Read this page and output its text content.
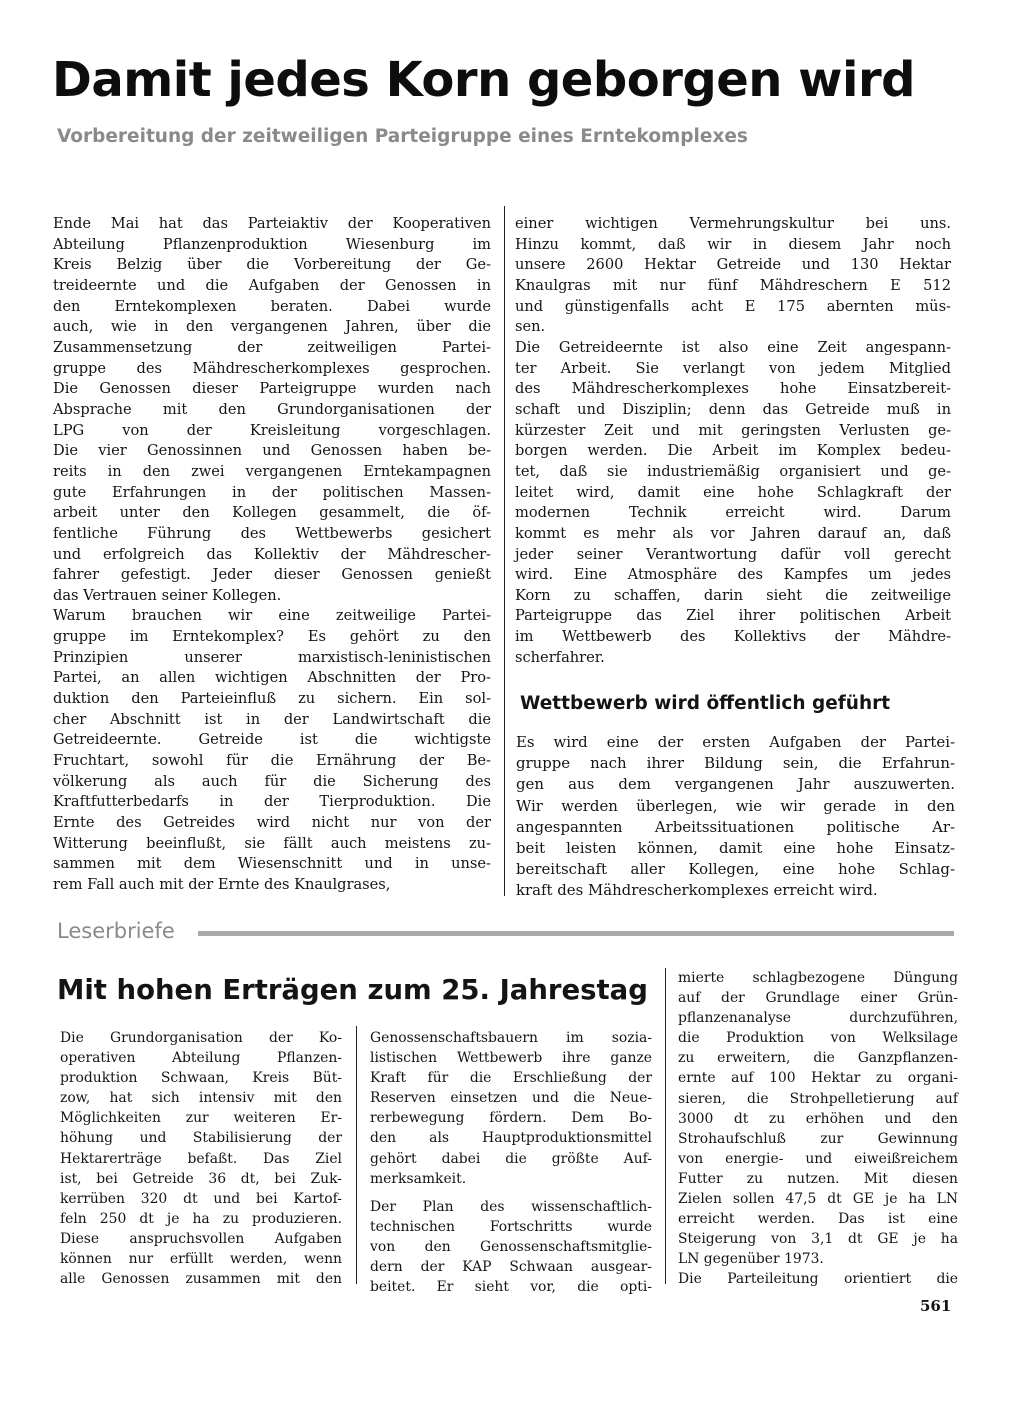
Damit jedes Korn geborgen wird
Vorbereitung der zeitweiligen Parteigruppe eines Erntekomplexes

Ende Mai hat das Parteiaktiv der Kooperativen

Abteilung Pflanzenproduktion Wiesenburg im

Kreis Belzig über die Vorbereitung der Ge-

treideernte und die Aufgaben der Genossen in

den Erntekomplexen beraten. Dabei wurde

auch, wie in den vergangenen Jahren, über die

Zusammensetzung der zeitweiligen Partei-

gruppe des Mähdrescherkomplexes gesprochen.

Die Genossen dieser Parteigruppe wurden nach

Absprache mit den Grundorganisationen der

LPG von der Kreisleitung vorgeschlagen.

Die vier Genossinnen und Genossen haben be-

reits in den zwei vergangenen Erntekampagnen

gute Erfahrungen in der politischen Massen-

arbeit unter den Kollegen gesammelt, die öf-

fentliche Führung des Wettbewerbs gesichert

und erfolgreich das Kollektiv der Mähdrescher-

fahrer gefestigt. Jeder dieser Genossen genießt

das Vertrauen seiner Kollegen.

Warum brauchen wir eine zeitweilige Partei-

gruppe im Erntekomplex? Es gehört zu den

Prinzipien unserer marxistisch-leninistischen

Partei, an allen wichtigen Abschnitten der Pro-

duktion den Parteieinfluß zu sichern. Ein sol-

cher Abschnitt ist in der Landwirtschaft die

Getreideernte. Getreide ist die wichtigste

Fruchtart, sowohl für die Ernährung der Be-

völkerung als auch für die Sicherung des

Kraftfutterbedarfs in der Tierproduktion. Die

Ernte des Getreides wird nicht nur von der

Witterung beeinflußt, sie fällt auch meistens zu-

sammen mit dem Wiesenschnitt und in unse-

rem Fall auch mit der Ernte des Knaulgrases,

einer wichtigen Vermehrungskultur bei uns.

Hinzu kommt, daß wir in diesem Jahr noch

unsere 2600 Hektar Getreide und 130 Hektar

Knaulgras mit nur fünf Mähdreschern E 512

und günstigenfalls acht E 175 abernten müs-

sen.

Die Getreideernte ist also eine Zeit angespann-

ter Arbeit. Sie verlangt von jedem Mitglied

des Mähdrescherkomplexes hohe Einsatzbereit-

schaft und Disziplin; denn das Getreide muß in

kürzester Zeit und mit geringsten Verlusten ge-

borgen werden. Die Arbeit im Komplex bedeu-

tet, daß sie industriemäßig organisiert und ge-

leitet wird, damit eine hohe Schlagkraft der

modernen Technik erreicht wird. Darum

kommt es mehr als vor Jahren darauf an, daß

jeder seiner Verantwortung dafür voll gerecht

wird. Eine Atmosphäre des Kampfes um jedes

Korn zu schaffen, darin sieht die zeitweilige

Parteigruppe das Ziel ihrer politischen Arbeit

im Wettbewerb des Kollektivs der Mähdre-

scherfahrer.

Wettbewerb wird öffentlich geführt

Es wird eine der ersten Aufgaben der Partei-

gruppe nach ihrer Bildung sein, die Erfahrun-

gen aus dem vergangenen Jahr auszuwerten.

Wir werden überlegen, wie wir gerade in den

angespannten Arbeitssituationen politische Ar-

beit leisten können, damit eine hohe Einsatz-

bereitschaft aller Kollegen, eine hohe Schlag-

kraft des Mähdrescherkomplexes erreicht wird.

Leserbriefe
Mit hohen Erträgen zum 25. Jahrestag

Die Grundorganisation der Ko-

operativen Abteilung Pflanzen-

produktion Schwaan, Kreis Büt-

zow, hat sich intensiv mit den

Möglichkeiten zur weiteren Er-

höhung und Stabilisierung der

Hektarerträge befaßt. Das Ziel

ist, bei Getreide 36 dt, bei Zuk-

kerrüben 320 dt und bei Kartof-

feln 250 dt je ha zu produzieren.

Diese anspruchsvollen Aufgaben

können nur erfüllt werden, wenn

alle Genossen zusammen mit den

Genossenschaftsbauern im sozia-

listischen Wettbewerb ihre ganze

Kraft für die Erschließung der

Reserven einsetzen und die Neue-

rerbewegung fördern. Dem Bo-

den als Hauptproduktionsmittel

gehört dabei die größte Auf-

merksamkeit.

Der Plan des wissenschaftlich-

technischen Fortschritts wurde

von den Genossenschaftsmitglie-

dern der KAP Schwaan ausgear-

beitet. Er sieht vor, die opti-

mierte schlagbezogene Düngung

auf der Grundlage einer Grün-

pflanzenanalyse durchzuführen,

die Produktion von Welksilage

zu erweitern, die Ganzpflanzen-

ernte auf 100 Hektar zu organi-

sieren, die Strohpelletierung auf

3000 dt zu erhöhen und den

Strohaufschluß zur Gewinnung

von energie- und eiweißreichem

Futter zu nutzen. Mit diesen

Zielen sollen 47,5 dt GE je ha LN

erreicht werden. Das ist eine

Steigerung von 3,1 dt GE je ha

LN gegenüber 1973.

Die Parteileitung orientiert die

561
